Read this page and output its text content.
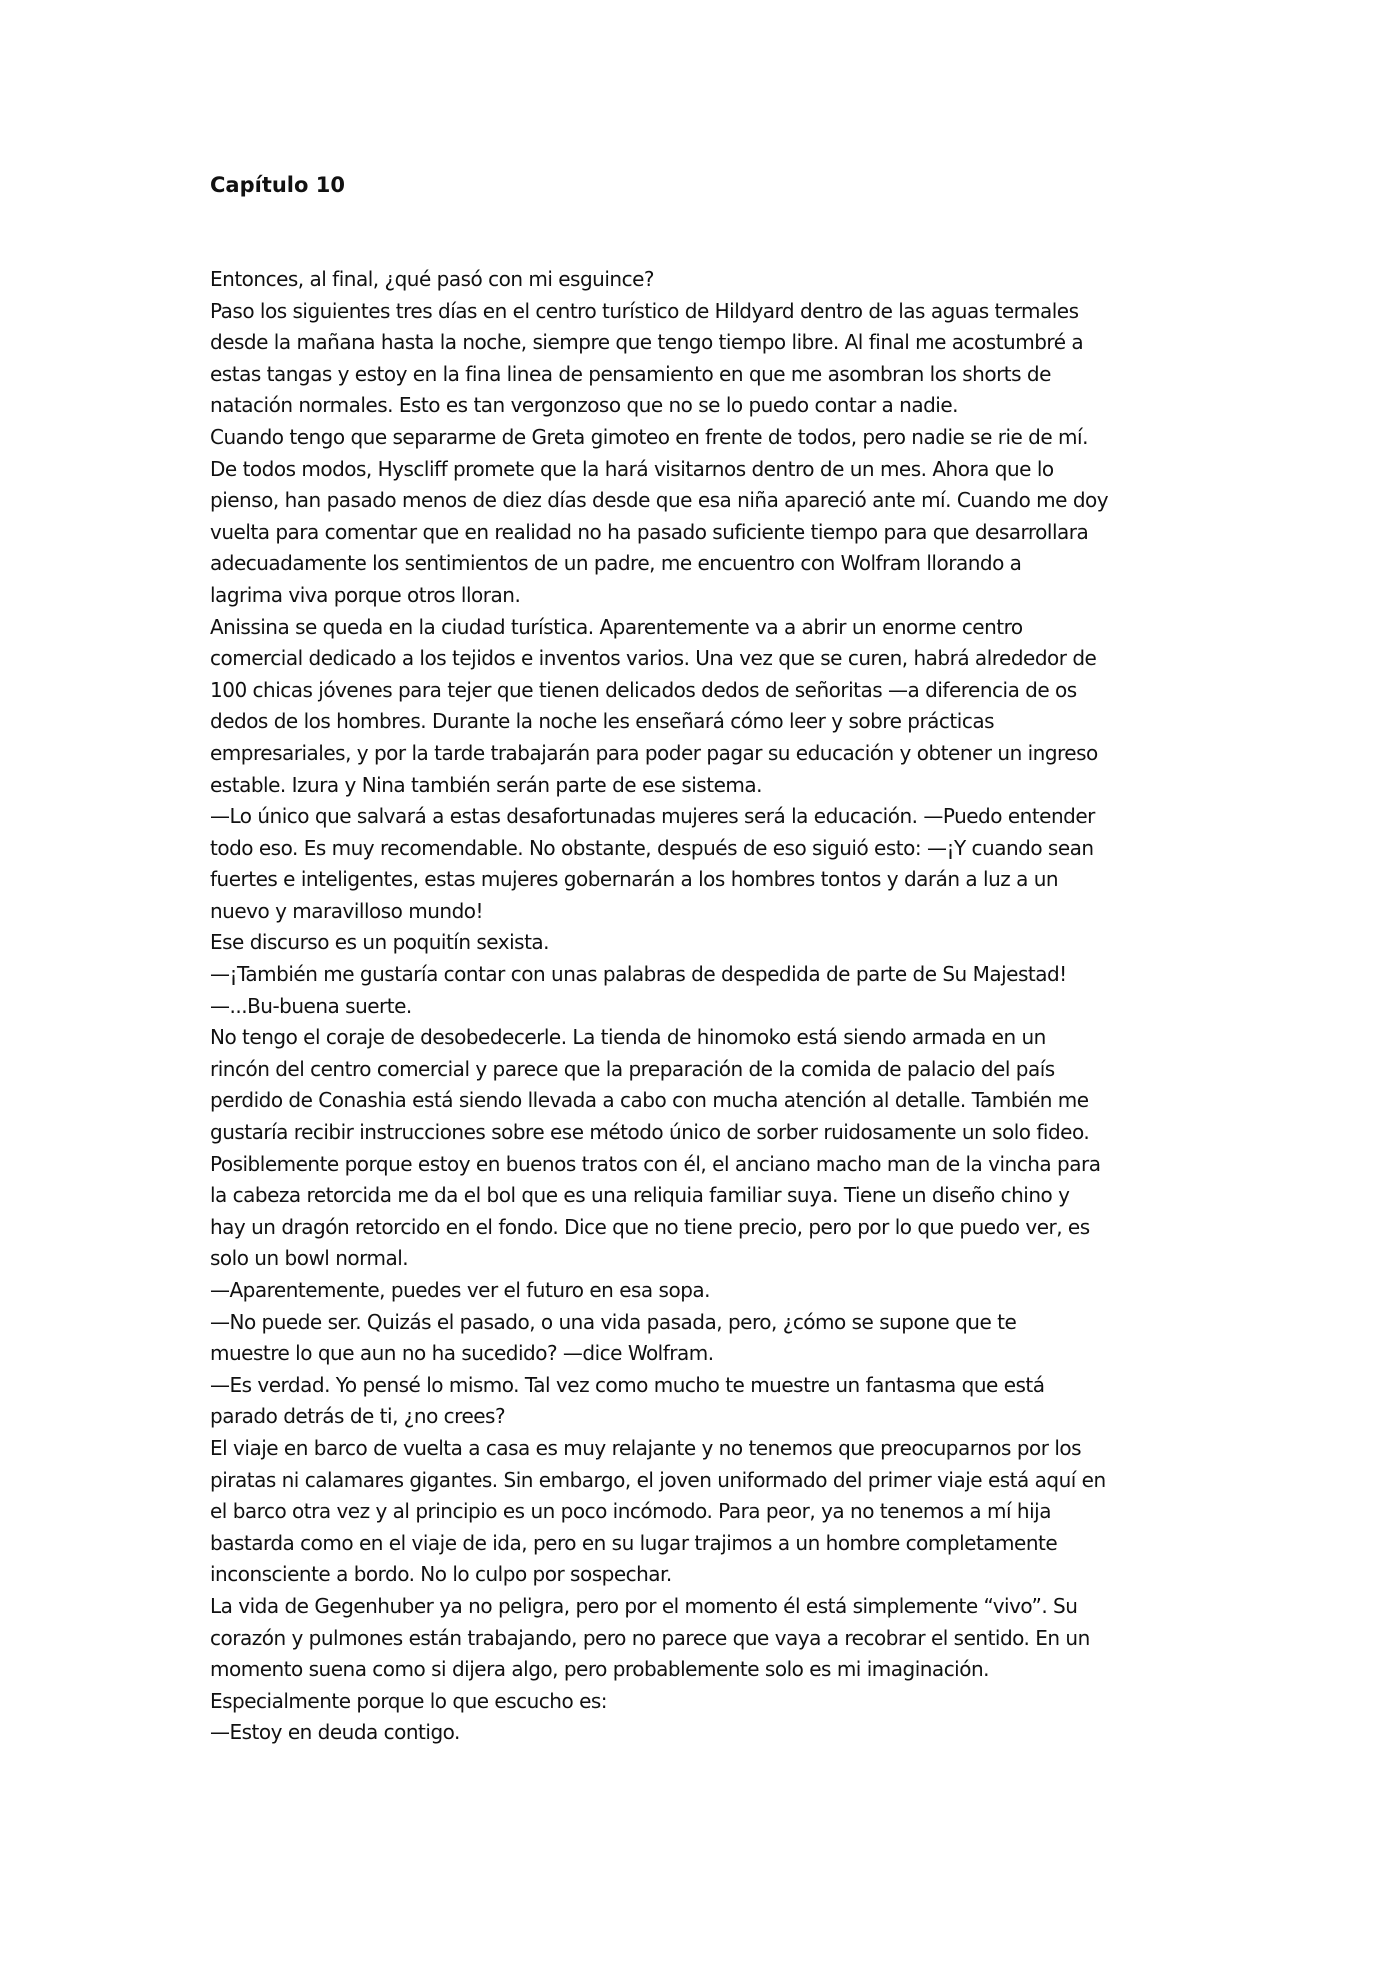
Capítulo 10
Entonces, al final, ¿qué pasó con mi esguince?
Paso los siguientes tres días en el centro turístico de Hildyard dentro de las aguas termales
desde la mañana hasta la noche, siempre que tengo tiempo libre. Al final me acostumbré a
estas tangas y estoy en la fina linea de pensamiento en que me asombran los shorts de
natación normales. Esto es tan vergonzoso que no se lo puedo contar a nadie.
Cuando tengo que separarme de Greta gimoteo en frente de todos, pero nadie se rie de mí.
De todos modos, Hyscliff promete que la hará visitarnos dentro de un mes. Ahora que lo
pienso, han pasado menos de diez días desde que esa niña apareció ante mí. Cuando me doy
vuelta para comentar que en realidad no ha pasado suficiente tiempo para que desarrollara
adecuadamente los sentimientos de un padre, me encuentro con Wolfram llorando a
lagrima viva porque otros lloran.
Anissina se queda en la ciudad turística. Aparentemente va a abrir un enorme centro
comercial dedicado a los tejidos e inventos varios. Una vez que se curen, habrá alrededor de
100 chicas jóvenes para tejer que tienen delicados dedos de señoritas —a diferencia de os
dedos de los hombres. Durante la noche les enseñará cómo leer y sobre prácticas
empresariales, y por la tarde trabajarán para poder pagar su educación y obtener un ingreso
estable. Izura y Nina también serán parte de ese sistema.
—Lo único que salvará a estas desafortunadas mujeres será la educación. —Puedo entender
todo eso. Es muy recomendable. No obstante, después de eso siguió esto: —¡Y cuando sean
fuertes e inteligentes, estas mujeres gobernarán a los hombres tontos y darán a luz a un
nuevo y maravilloso mundo!
Ese discurso es un poquitín sexista.
—¡También me gustaría contar con unas palabras de despedida de parte de Su Majestad!
—...Bu-buena suerte.
No tengo el coraje de desobedecerle. La tienda de hinomoko está siendo armada en un
rincón del centro comercial y parece que la preparación de la comida de palacio del país
perdido de Conashia está siendo llevada a cabo con mucha atención al detalle. También me
gustaría recibir instrucciones sobre ese método único de sorber ruidosamente un solo fideo.
Posiblemente porque estoy en buenos tratos con él, el anciano macho man de la vincha para
la cabeza retorcida me da el bol que es una reliquia familiar suya. Tiene un diseño chino y
hay un dragón retorcido en el fondo. Dice que no tiene precio, pero por lo que puedo ver, es
solo un bowl normal.
—Aparentemente, puedes ver el futuro en esa sopa.
—No puede ser. Quizás el pasado, o una vida pasada, pero, ¿cómo se supone que te
muestre lo que aun no ha sucedido? —dice Wolfram.
—Es verdad. Yo pensé lo mismo. Tal vez como mucho te muestre un fantasma que está
parado detrás de ti, ¿no crees?
El viaje en barco de vuelta a casa es muy relajante y no tenemos que preocuparnos por los
piratas ni calamares gigantes. Sin embargo, el joven uniformado del primer viaje está aquí en
el barco otra vez y al principio es un poco incómodo. Para peor, ya no tenemos a mí hija
bastarda como en el viaje de ida, pero en su lugar trajimos a un hombre completamente
inconsciente a bordo. No lo culpo por sospechar.
La vida de Gegenhuber ya no peligra, pero por el momento él está simplemente “vivo”. Su
corazón y pulmones están trabajando, pero no parece que vaya a recobrar el sentido. En un
momento suena como si dijera algo, pero probablemente solo es mi imaginación.
Especialmente porque lo que escucho es:
—Estoy en deuda contigo.
